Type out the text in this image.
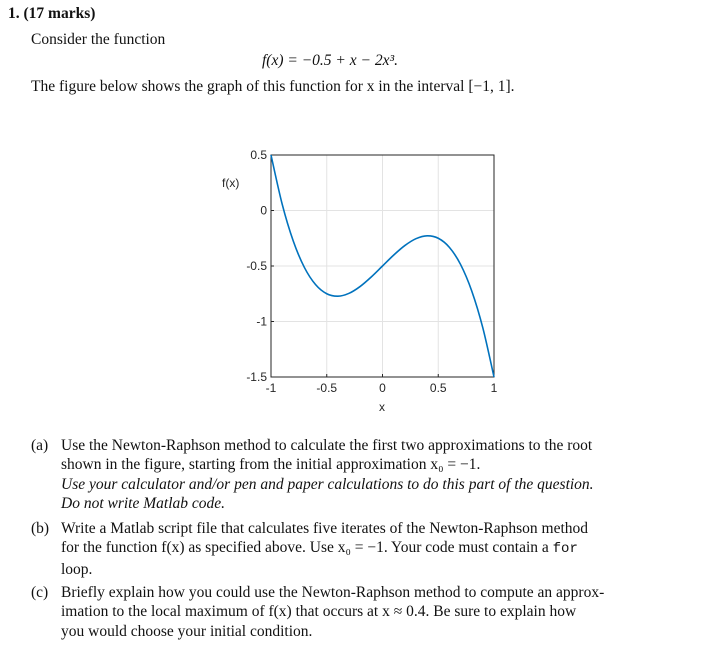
1. (17 marks)
Consider the function
f(x) = −0.5 + x − 2x³.
The figure below shows the graph of this function for x in the interval [−1, 1].
-1	-0.5	0	0.5	1
-1.5
-1
-0.5
0
0.5
f(x)
x
(a) Use the Newton-Raphson method to calculate the first two approximations to the root
shown in the figure, starting from the initial approximation x₀ = −1.
Use your calculator and/or pen and paper calculations to do this part of the question.
Do not write Matlab code.
(b) Write a Matlab script file that calculates five iterates of the Newton-Raphson method
for the function f(x) as specified above. Use x₀ = −1. Your code must contain a for
loop.
(c) Briefly explain how you could use the Newton-Raphson method to compute an approx-
imation to the local maximum of f(x) that occurs at x ≈ 0.4. Be sure to explain how
you would choose your initial condition.
